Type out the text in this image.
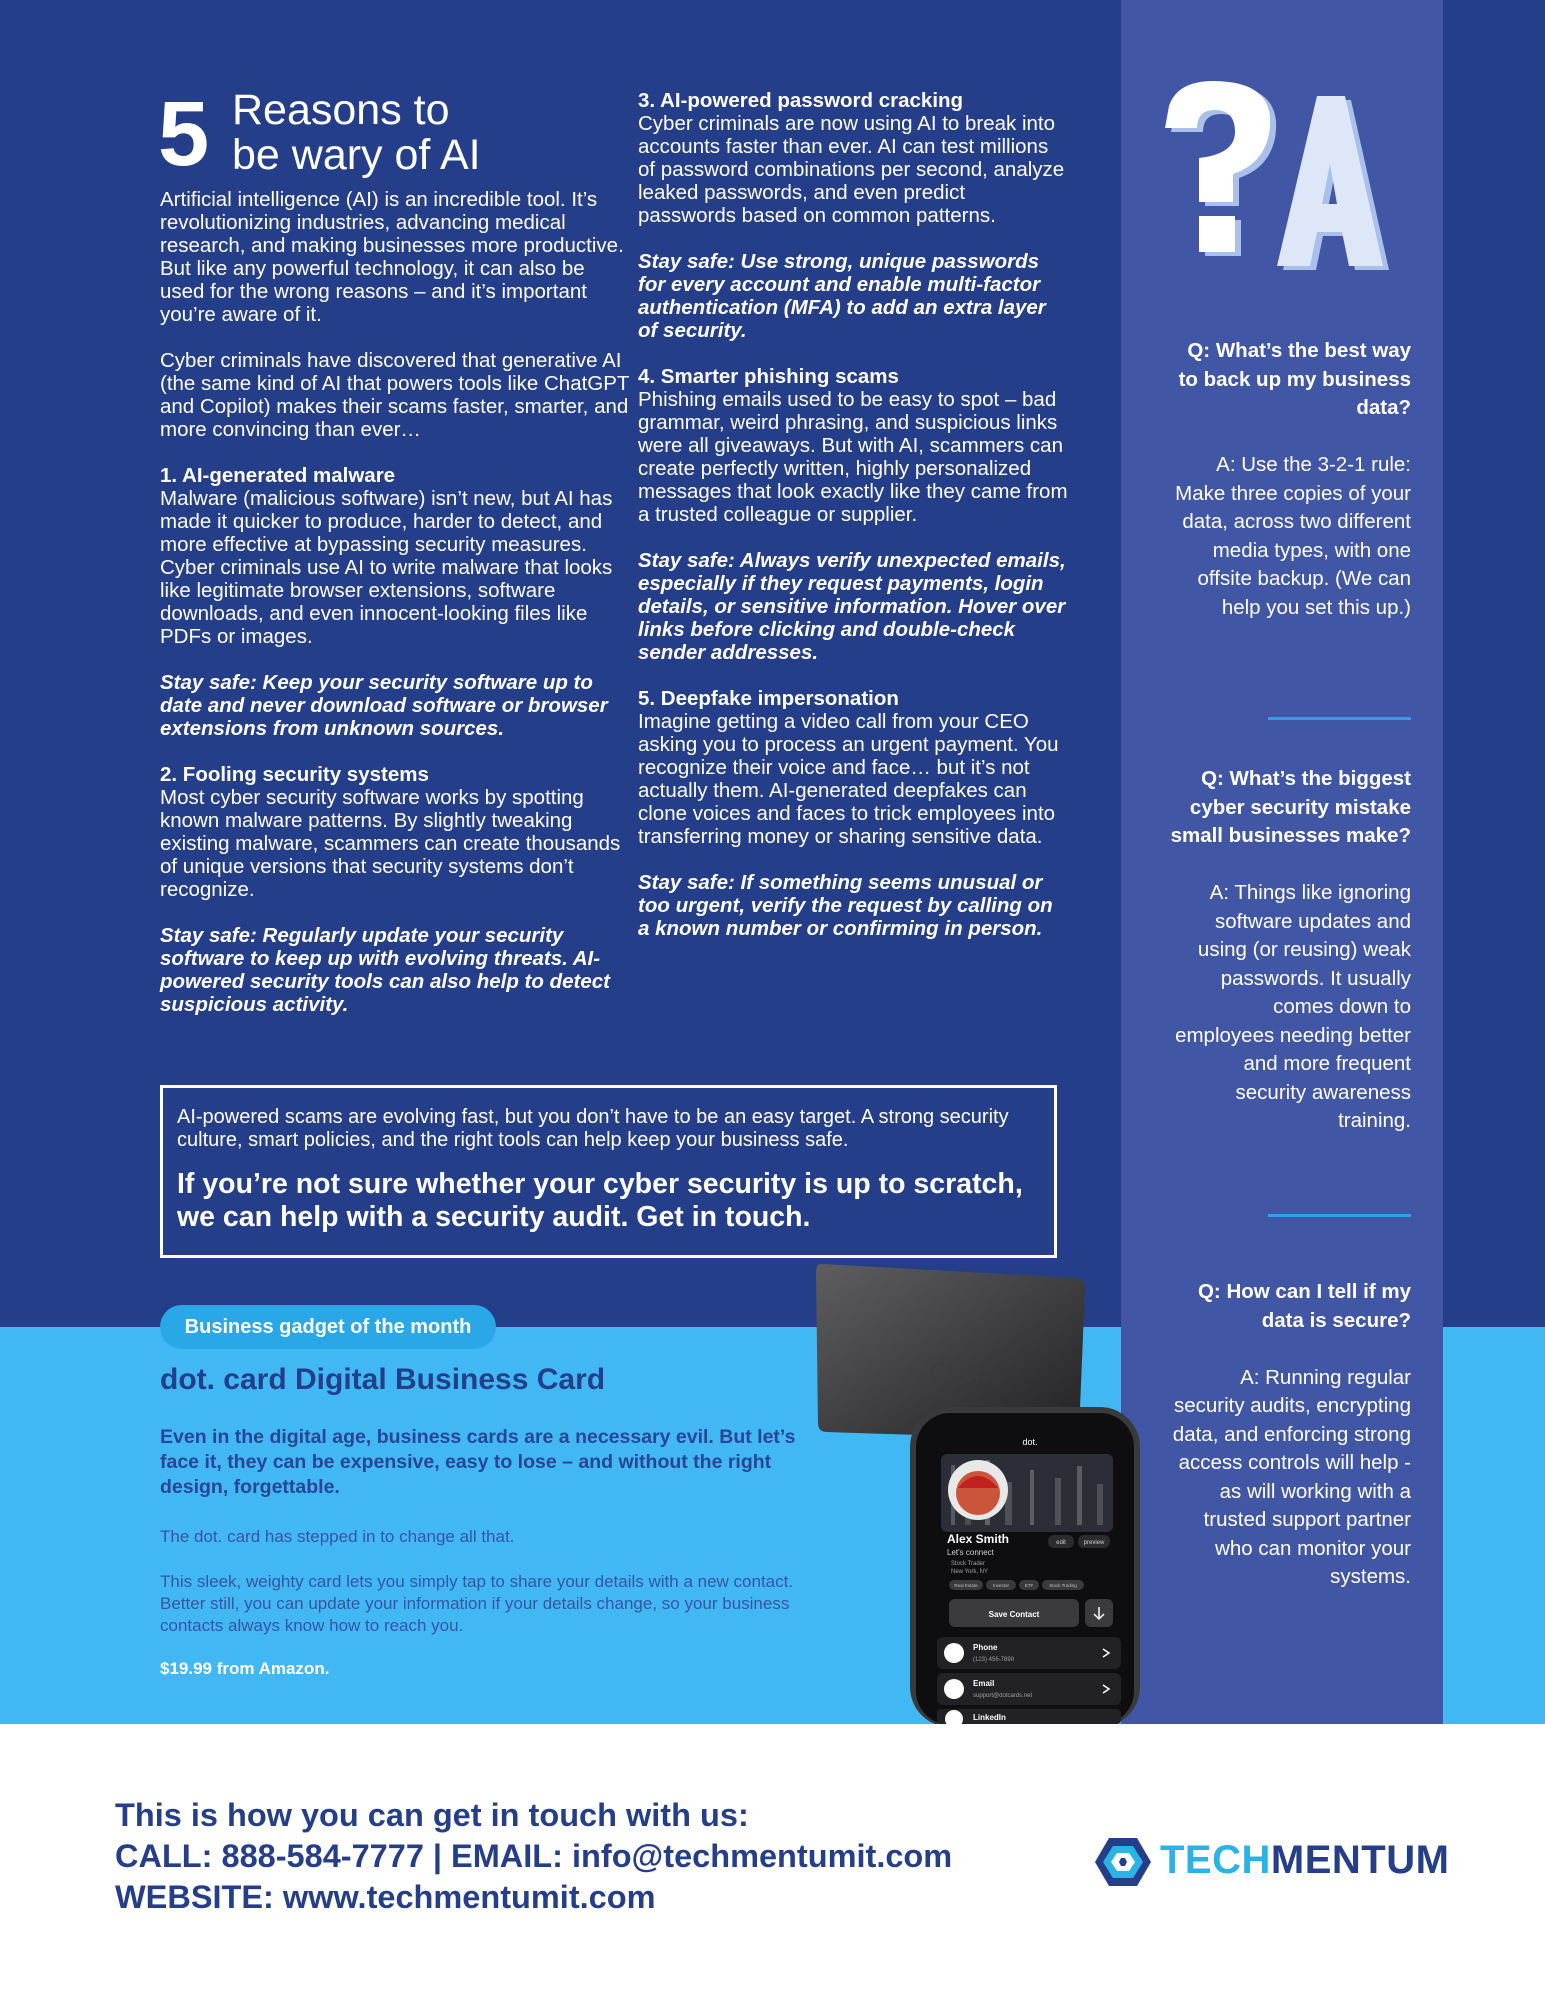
5 Reasons to
be wary of AI

Artificial intelligence (AI) is an incredible tool. It’s revolutionizing industries, advancing medical research, and making businesses more productive. But like any powerful technology, it can also be used for the wrong reasons – and it’s important you’re aware of it.

Cyber criminals have discovered that generative AI (the same kind of AI that powers tools like ChatGPT and Copilot) makes their scams faster, smarter, and more convincing than ever…

1. AI-generated malware

Malware (malicious software) isn’t new, but AI has made it quicker to produce, harder to detect, and more effective at bypassing security measures. Cyber criminals use AI to write malware that looks like legitimate browser extensions, software downloads, and even innocent-looking files like PDFs or images.

Stay safe: Keep your security software up to date and never download software or browser extensions from unknown sources.

2. Fooling security systems

Most cyber security software works by spotting known malware patterns. By slightly tweaking existing malware, scammers can create thousands of unique versions that security systems don’t recognize.

Stay safe: Regularly update your security software to keep up with evolving threats. AI-powered security tools can also help to detect suspicious activity.

3. AI-powered password cracking

Cyber criminals are now using AI to break into accounts faster than ever. AI can test millions of password combinations per second, analyze leaked passwords, and even predict passwords based on common patterns.

Stay safe: Use strong, unique passwords for every account and enable multi-factor authentication (MFA) to add an extra layer of security.

4. Smarter phishing scams

Phishing emails used to be easy to spot – bad grammar, weird phrasing, and suspicious links were all giveaways. But with AI, scammers can create perfectly written, highly personalized messages that look exactly like they came from a trusted colleague or supplier.

Stay safe: Always verify unexpected emails, especially if they request payments, login details, or sensitive information. Hover over links before clicking and double-check sender addresses.

5. Deepfake impersonation

Imagine getting a video call from your CEO asking you to process an urgent payment. You recognize their voice and face… but it’s not actually them. AI-generated deepfakes can clone voices and faces to trick employees into transferring money or sharing sensitive data.

Stay safe: If something seems unusual or too urgent, verify the request by calling on a known number or confirming in person.

AI-powered scams are evolving fast, but you don’t have to be an easy target. A strong security culture, smart policies, and the right tools can help keep your business safe.

If you’re not sure whether your cyber security is up to scratch, we can help with a security audit. Get in touch.

Q: What’s the best way to back up my business data?

A: Use the 3-2-1 rule: Make three copies of your data, across two different media types, with one offsite backup. (We can help you set this up.)

Q: What’s the biggest cyber security mistake small businesses make?

A: Things like ignoring software updates and using (or reusing) weak passwords. It usually comes down to employees needing better and more frequent security awareness training.

Q: How can I tell if my data is secure?

A: Running regular security audits, encrypting data, and enforcing strong access controls will help - as will working with a trusted support partner who can monitor your systems.

Business gadget of the month
dot. card Digital Business Card
Even in the digital age, business cards are a necessary evil. But let’s face it, they can be expensive, easy to lose – and without the right design, forgettable.
The dot. card has stepped in to change all that.
This sleek, weighty card lets you simply tap to share your details with a new contact. Better still, you can update your information if your details change, so your business contacts always know how to reach you.
$19.99 from Amazon.
dot.
dot.
Alex Smith
Let's connect
Stock Trader
New York, NY
edit	preview
Real Estate	Investor	ETF	Stock Trading
Save Contact
Phone
(123) 456-7890
Email
support@dotcards.net
LinkedIn
This is how you can get in touch with us:
CALL: 888-584-7777 | EMAIL: info@techmentumit.com
WEBSITE: www.techmentumit.com
TECHMENTUM
